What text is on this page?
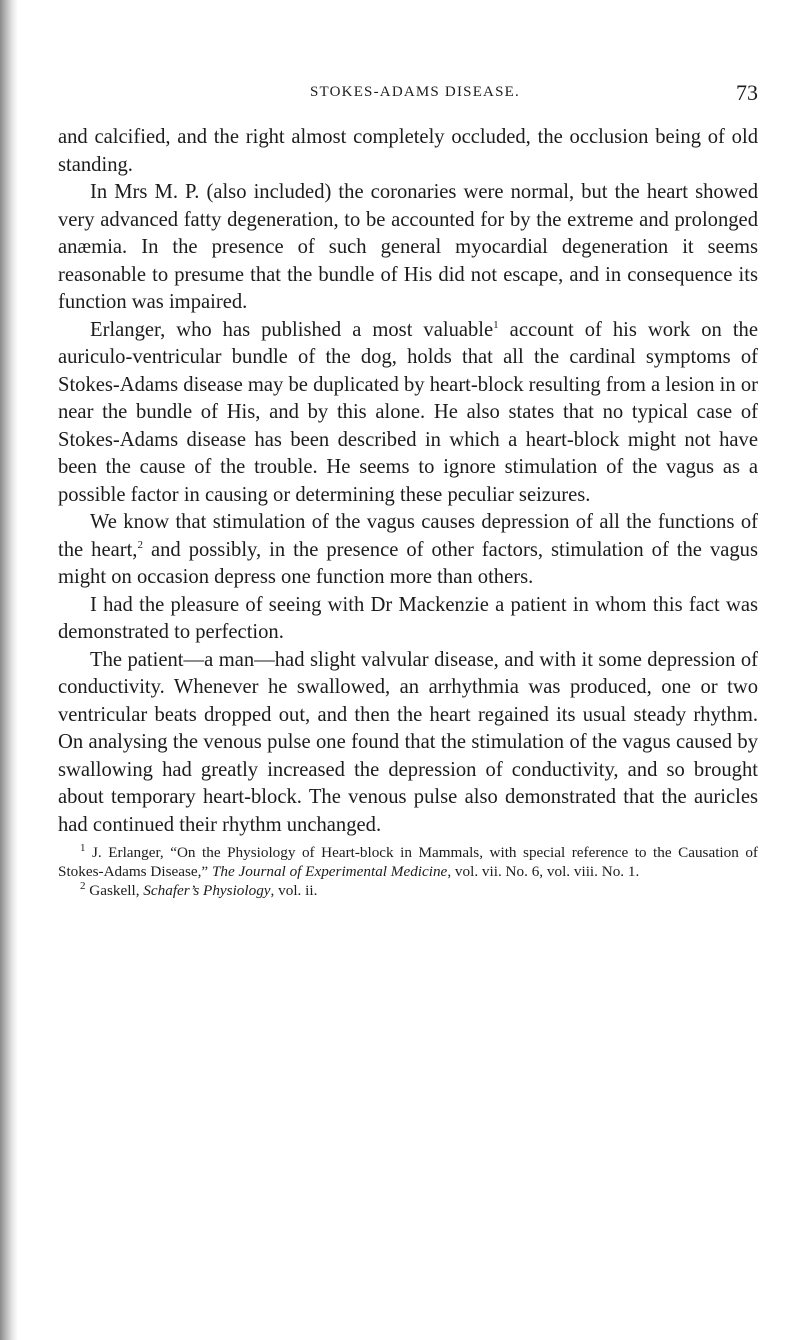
STOKES-ADAMS DISEASE.	73

and calcified, and the right almost completely occluded, the occlusion being of old standing.

In Mrs M. P. (also included) the coronaries were normal, but the heart showed very advanced fatty degeneration, to be accounted for by the extreme and prolonged anæmia. In the presence of such general myocardial degeneration it seems reasonable to presume that the bundle of His did not escape, and in consequence its function was impaired.

Erlanger, who has published a most valuable$^1$ account of his work on the auriculo-ventricular bundle of the dog, holds that all the cardinal symptoms of Stokes-Adams disease may be duplicated by heart-block resulting from a lesion in or near the bundle of His, and by this alone. He also states that no typical case of Stokes-Adams disease has been described in which a heart-block might not have been the cause of the trouble. He seems to ignore stimulation of the vagus as a possible factor in causing or determining these peculiar seizures.

We know that stimulation of the vagus causes depression of all the functions of the heart,$^2$ and possibly, in the presence of other factors, stimulation of the vagus might on occasion depress one function more than others.

I had the pleasure of seeing with Dr Mackenzie a patient in whom this fact was demonstrated to perfection.

The patient—a man—had slight valvular disease, and with it some depression of conductivity. Whenever he swallowed, an arrhythmia was produced, one or two ventricular beats dropped out, and then the heart regained its usual steady rhythm. On analysing the venous pulse one found that the stimulation of the vagus caused by swallowing had greatly increased the depression of conductivity, and so brought about temporary heart-block. The venous pulse also demonstrated that the auricles had continued their rhythm unchanged.

$^1$ J. Erlanger, “On the Physiology of Heart-block in Mammals, with special reference to the Causation of Stokes-Adams Disease,” The Journal of Experimental Medicine, vol. vii. No. 6, vol. viii. No. 1.

$^2$ Gaskell, Schafer’s Physiology, vol. ii.
